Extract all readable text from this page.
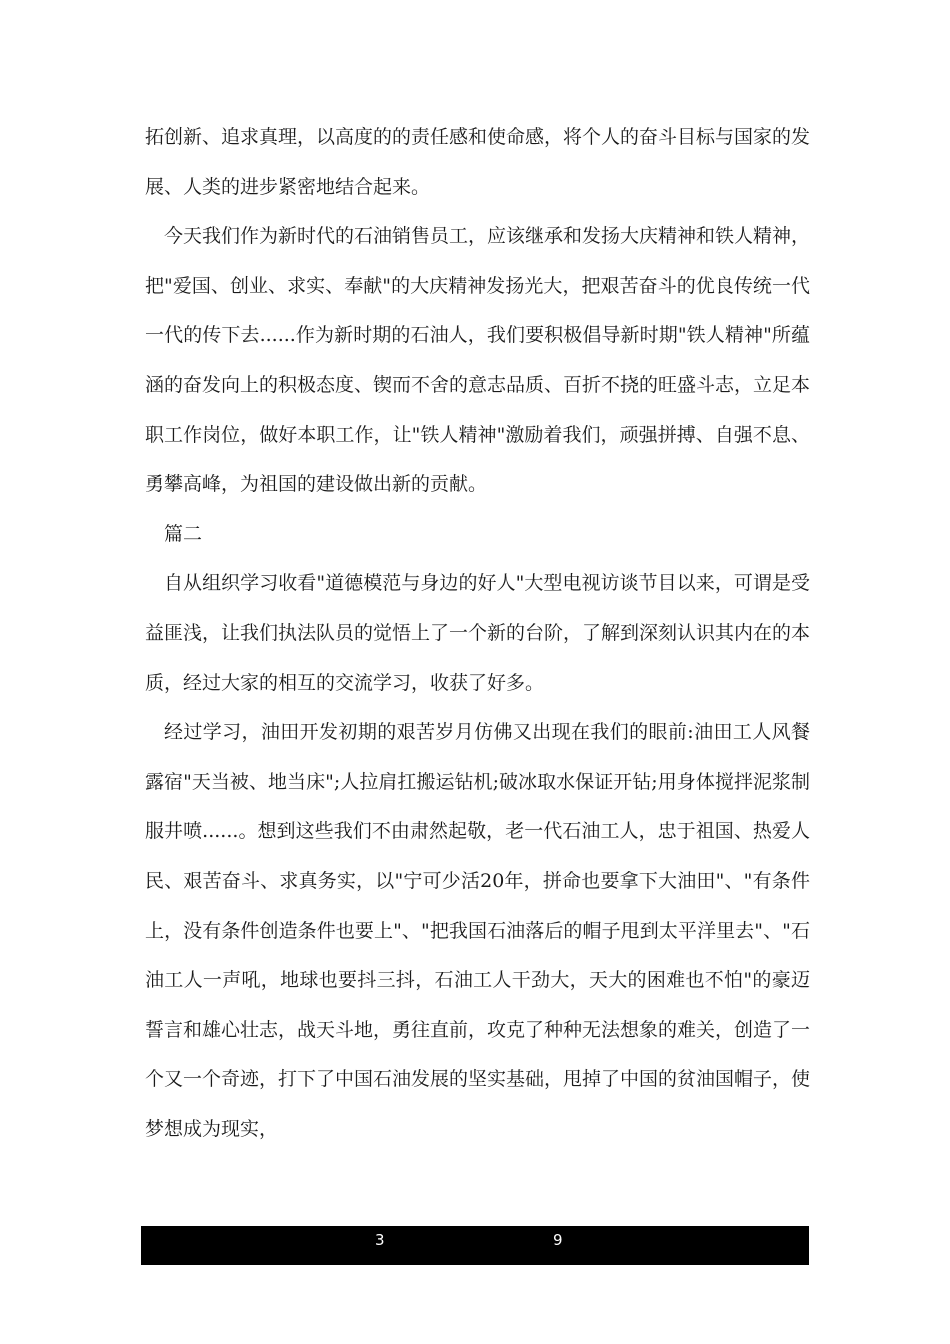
拓创新、追求真理，以高度的的责任感和使命感，将个人的奋斗目标与国家的发展、人类的进步紧密地结合起来。

今天我们作为新时代的石油销售员工，应该继承和发扬大庆精神和铁人精神，把"爱国、创业、求实、奉献"的大庆精神发扬光大，把艰苦奋斗的优良传统一代一代的传下去......作为新时期的石油人，我们要积极倡导新时期"铁人精神"所蕴涵的奋发向上的积极态度、锲而不舍的意志品质、百折不挠的旺盛斗志，立足本职工作岗位，做好本职工作，让"铁人精神"激励着我们，顽强拼搏、自强不息、勇攀高峰，为祖国的建设做出新的贡献。

篇二

自从组织学习收看"道德模范与身边的好人"大型电视访谈节目以来，可谓是受益匪浅，让我们执法队员的觉悟上了一个新的台阶，了解到深刻认识其内在的本质，经过大家的相互的交流学习，收获了好多。

经过学习，油田开发初期的艰苦岁月仿佛又出现在我们的眼前:油田工人风餐露宿"天当被、地当床";人拉肩扛搬运钻机;破冰取水保证开钻;用身体搅拌泥浆制服井喷......。想到这些我们不由肃然起敬，老一代石油工人，忠于祖国、热爱人民、艰苦奋斗、求真务实，以"宁可少活20年，拼命也要拿下大油田"、"有条件上，没有条件创造条件也要上"、"把我国石油落后的帽子甩到太平洋里去"、"石油工人一声吼，地球也要抖三抖，石油工人干劲大，天大的困难也不怕"的豪迈誓言和雄心壮志，战天斗地，勇往直前，攻克了种种无法想象的难关，创造了一个又一个奇迹，打下了中国石油发展的坚实基础，甩掉了中国的贫油国帽子，使梦想成为现实，

3	9
